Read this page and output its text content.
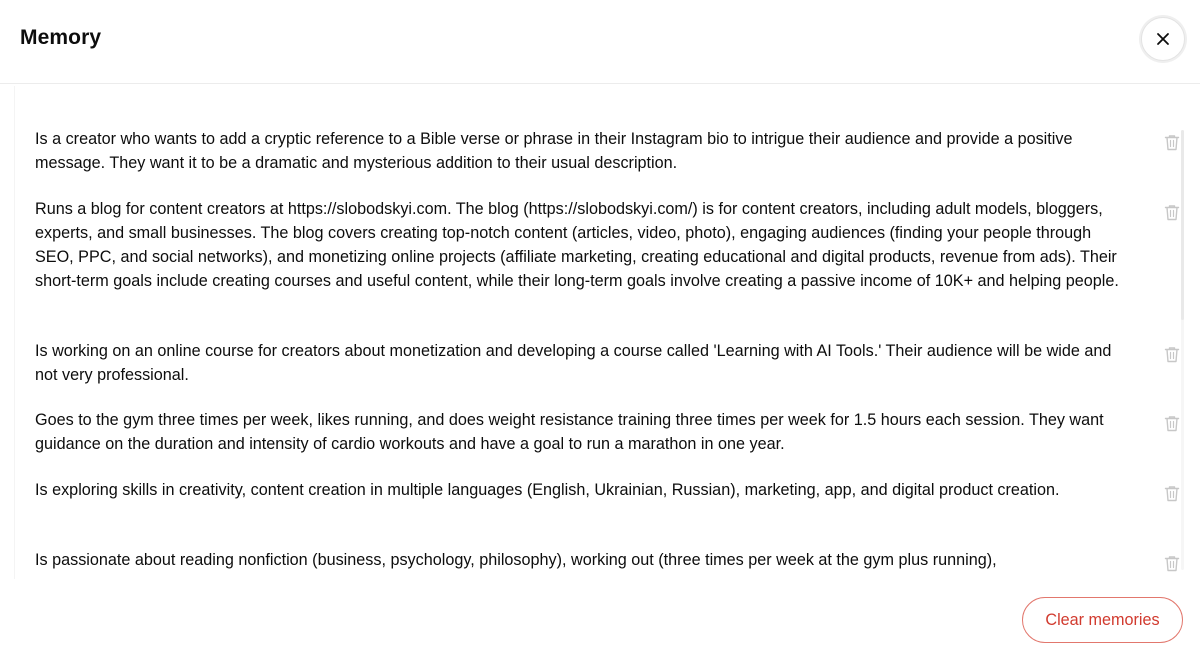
Memory
Is a creator who wants to add a cryptic reference to a Bible verse or phrase in their Instagram bio to intrigue their audience and provide a positive message. They want it to be a dramatic and mysterious addition to their usual description.
Runs a blog for content creators at https://slobodskyi.com. The blog (https://slobodskyi.com/) is for content creators, including adult models, bloggers, experts, and small businesses. The blog covers creating top-notch content (articles, video, photo), engaging audiences (finding your people through SEO, PPC, and social networks), and monetizing online projects (affiliate marketing, creating educational and digital products, revenue from ads). Their short-term goals include creating courses and useful content, while their long-term goals involve creating a passive income of 10K+ and helping people.
Is working on an online course for creators about monetization and developing a course called 'Learning with AI Tools.' Their audience will be wide and not very professional.
Goes to the gym three times per week, likes running, and does weight resistance training three times per week for 1.5 hours each session. They want guidance on the duration and intensity of cardio workouts and have a goal to run a marathon in one year.
Is exploring skills in creativity, content creation in multiple languages (English, Ukrainian, Russian), marketing, app, and digital product creation.
Is passionate about reading nonfiction (business, psychology, philosophy), working out (three times per week at the gym plus running),
Clear memories
